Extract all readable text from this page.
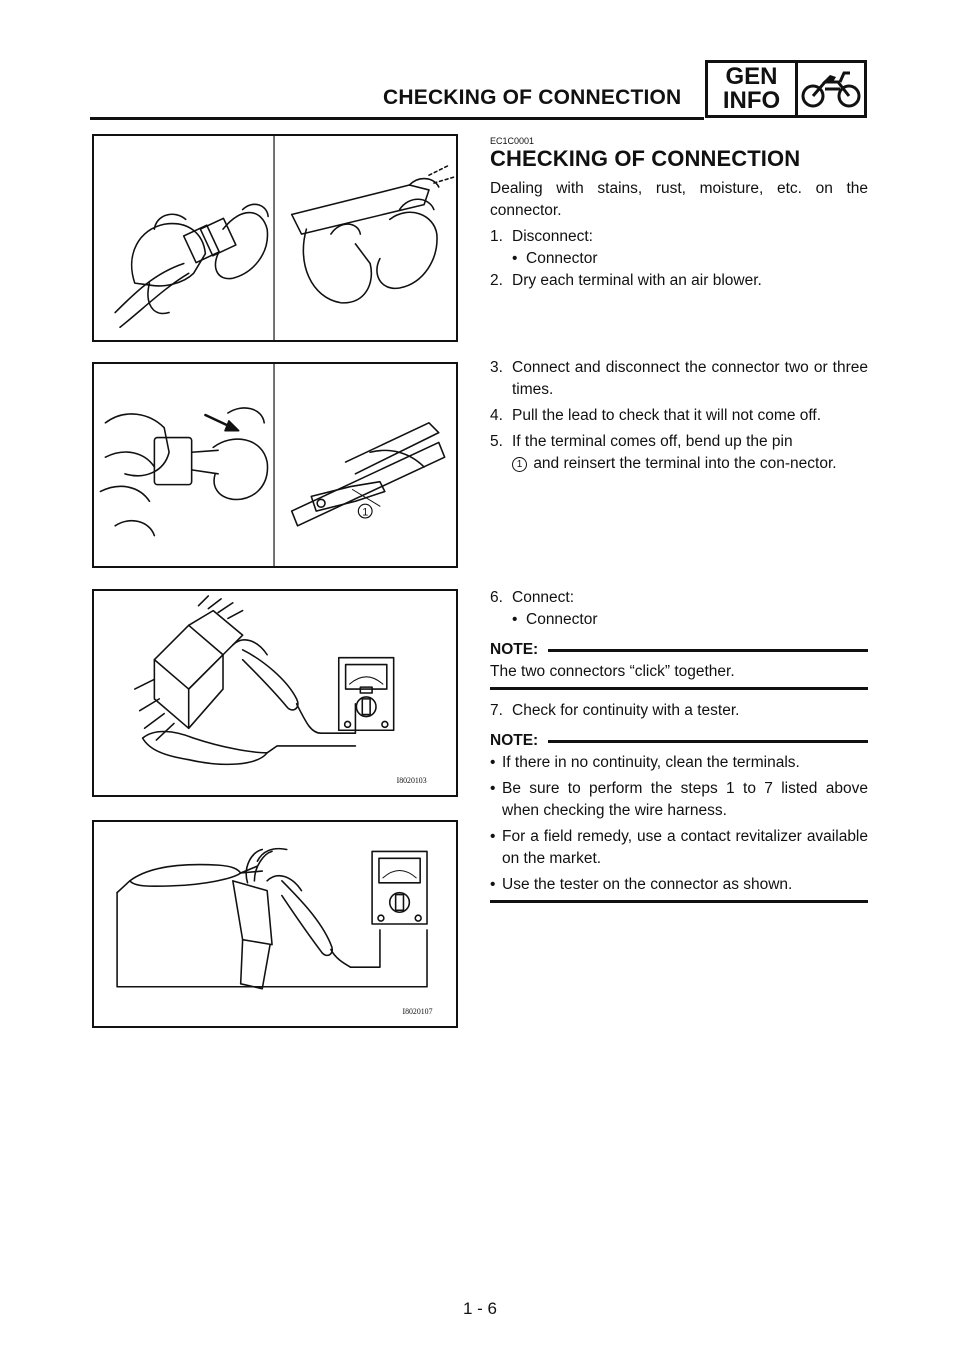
CHECKING OF CONNECTION
GEN
INFO
1
I8020103
I8020107
EC1C0001
CHECKING OF CONNECTION

Dealing with stains, rust, moisture, etc. on the connector.

1. Disconnect:
• Connector
2. Dry each terminal with an air blower.
3. Connect and disconnect the connector two or three times.
4. Pull the lead to check that it will not come off.
5. If the terminal comes off, bend up the pin
1 and reinsert the terminal into the con-nector.
6. Connect:
• Connector
NOTE:

The two connectors “click” together.

7. Check for continuity with a tester.
NOTE:
• If there in no continuity, clean the terminals.
• Be sure to perform the steps 1 to 7 listed above when checking the wire harness.
• For a field remedy, use a contact revitalizer available on the market.
• Use the tester on the connector as shown.
1 - 6
